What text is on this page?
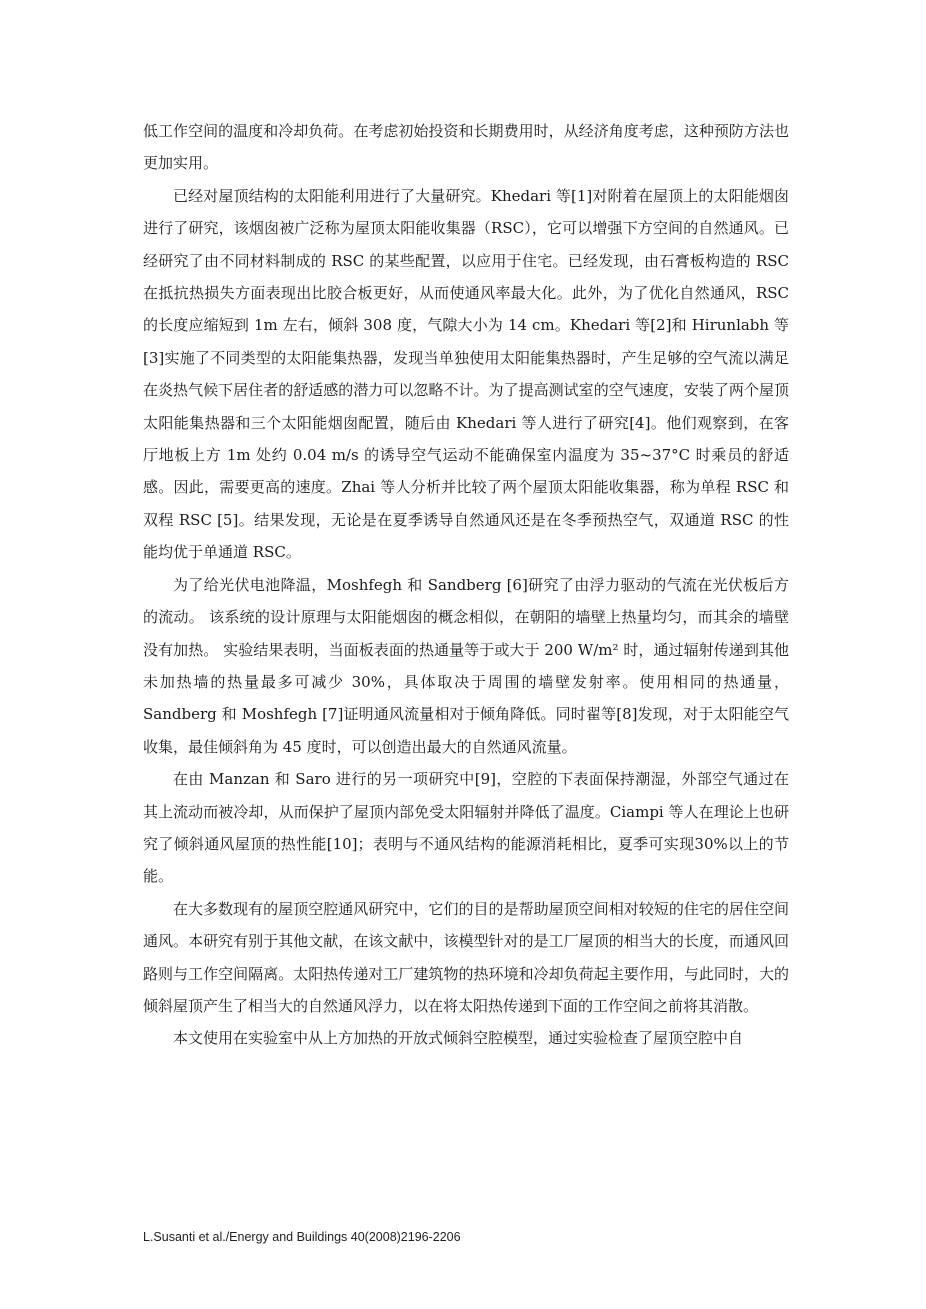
低工作空间的温度和冷却负荷。在考虑初始投资和长期费用时，从经济角度考虑，这种预防方法也更加实用。

已经对屋顶结构的太阳能利用进行了大量研究。Khedari 等[1]对附着在屋顶上的太阳能烟囱进行了研究，该烟囱被广泛称为屋顶太阳能收集器（RSC），它可以增强下方空间的自然通风。已经研究了由不同材料制成的 RSC 的某些配置，以应用于住宅。已经发现，由石膏板构造的 RSC 在抵抗热损失方面表现出比胶合板更好，从而使通风率最大化。此外，为了优化自然通风，RSC 的长度应缩短到 1m 左右，倾斜 308 度，气隙大小为 14 cm。Khedari 等[2]和 Hirunlabh 等[3]实施了不同类型的太阳能集热器，发现当单独使用太阳能集热器时，产生足够的空气流以满足在炎热气候下居住者的舒适感的潜力可以忽略不计。为了提高测试室的空气速度，安装了两个屋顶太阳能集热器和三个太阳能烟囱配置，随后由 Khedari 等人进行了研究[4]。他们观察到，在客厅地板上方 1m 处约 0.04 m/s 的诱导空气运动不能确保室内温度为 35~37°C 时乘员的舒适感。因此，需要更高的速度。Zhai 等人分析并比较了两个屋顶太阳能收集器，称为单程 RSC 和双程 RSC [5]。结果发现，无论是在夏季诱导自然通风还是在冬季预热空气，双通道 RSC 的性能均优于单通道 RSC。

为了给光伏电池降温，Moshfegh 和 Sandberg [6]研究了由浮力驱动的气流在光伏板后方的流动。 该系统的设计原理与太阳能烟囱的概念相似，在朝阳的墙壁上热量均匀，而其余的墙壁没有加热。 实验结果表明，当面板表面的热通量等于或大于 200 W/m² 时，通过辐射传递到其他未加热墙的热量最多可减少 30%，具体取决于周围的墙壁发射率。使用相同的热通量，Sandberg 和 Moshfegh [7]证明通风流量相对于倾角降低。同时翟等[8]发现，对于太阳能空气收集，最佳倾斜角为 45 度时，可以创造出最大的自然通风流量。

在由 Manzan 和 Saro 进行的另一项研究中[9]，空腔的下表面保持潮湿，外部空气通过在其上流动而被冷却，从而保护了屋顶内部免受太阳辐射并降低了温度。Ciampi 等人在理论上也研究了倾斜通风屋顶的热性能[10]；表明与不通风结构的能源消耗相比，夏季可实现30%以上的节能。

在大多数现有的屋顶空腔通风研究中，它们的目的是帮助屋顶空间相对较短的住宅的居住空间通风。本研究有别于其他文献，在该文献中，该模型针对的是工厂屋顶的相当大的长度，而通风回路则与工作空间隔离。太阳热传递对工厂建筑物的热环境和冷却负荷起主要作用，与此同时，大的倾斜屋顶产生了相当大的自然通风浮力，以在将太阳热传递到下面的工作空间之前将其消散。

本文使用在实验室中从上方加热的开放式倾斜空腔模型，通过实验检查了屋顶空腔中自

L.Susanti et al./Energy and Buildings 40(2008)2196-2206
